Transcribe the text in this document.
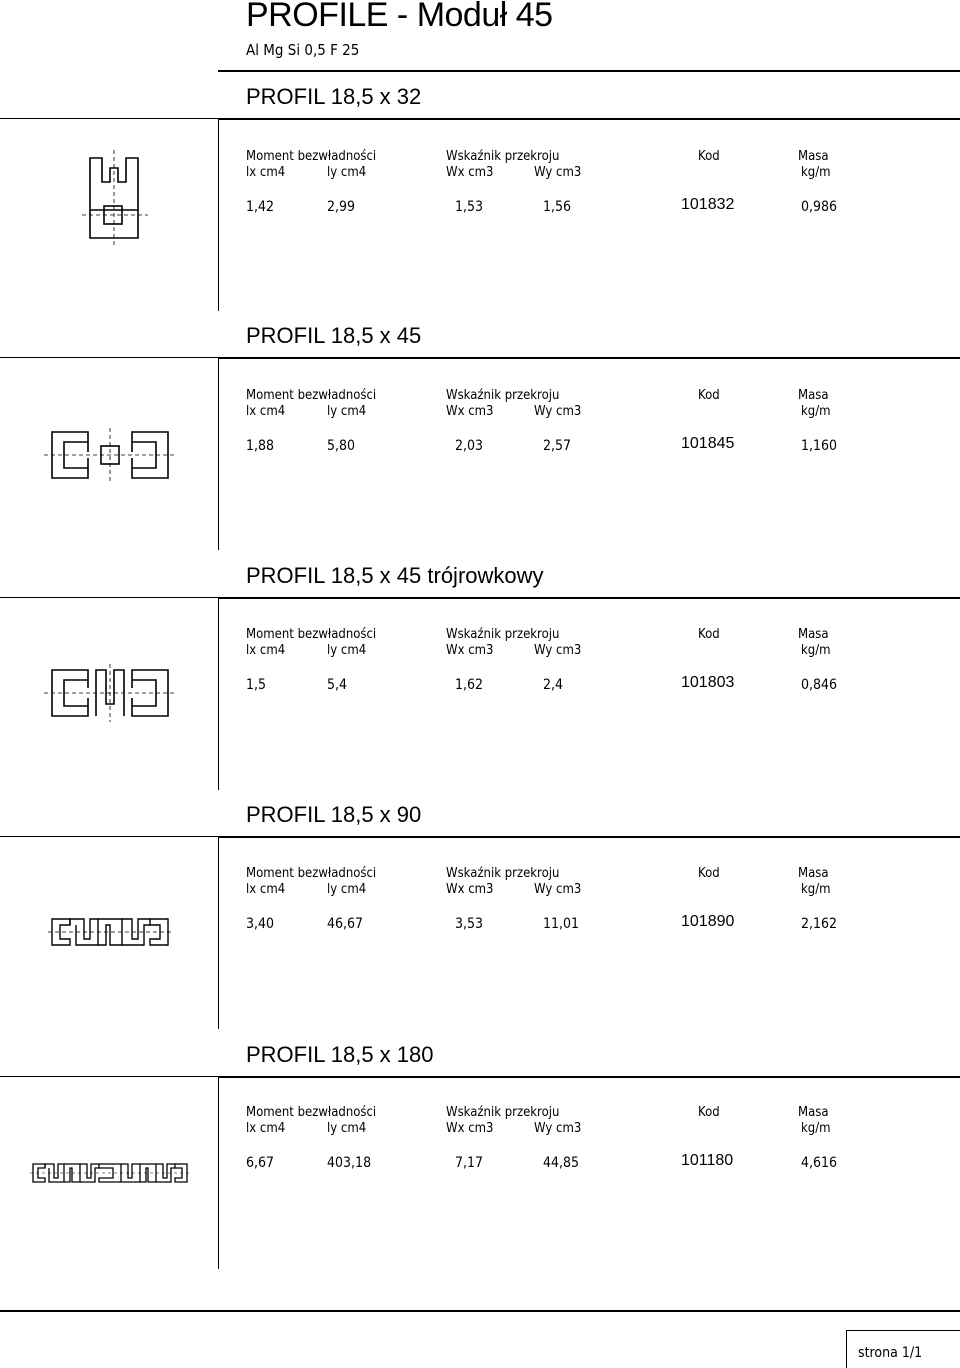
PROFILE - Moduł 45
Al Mg Si 0,5 F 25
PROFIL 18,5 x 32
Moment bezwładności	Wskaźnik przekroju	Kod	Masa
lx cm4	ly cm4	Wx cm3	Wy cm3	kg/m
1,42	2,99	1,53	1,56	101832	0,986
PROFIL 18,5 x 45
Moment bezwładności	Wskaźnik przekroju	Kod	Masa
lx cm4	ly cm4	Wx cm3	Wy cm3	kg/m
1,88	5,80	2,03	2,57	101845	1,160
PROFIL 18,5 x 45 trójrowkowy
Moment bezwładności	Wskaźnik przekroju	Kod	Masa
lx cm4	ly cm4	Wx cm3	Wy cm3	kg/m
1,5	5,4	1,62	2,4	101803	0,846
PROFIL 18,5 x 90
Moment bezwładności	Wskaźnik przekroju	Kod	Masa
lx cm4	ly cm4	Wx cm3	Wy cm3	kg/m
3,40	46,67	3,53	11,01	101890	2,162
PROFIL 18,5 x 180
Moment bezwładności	Wskaźnik przekroju	Kod	Masa
lx cm4	ly cm4	Wx cm3	Wy cm3	kg/m
6,67	403,18	7,17	44,85	101180	4,616
strona 1/1
